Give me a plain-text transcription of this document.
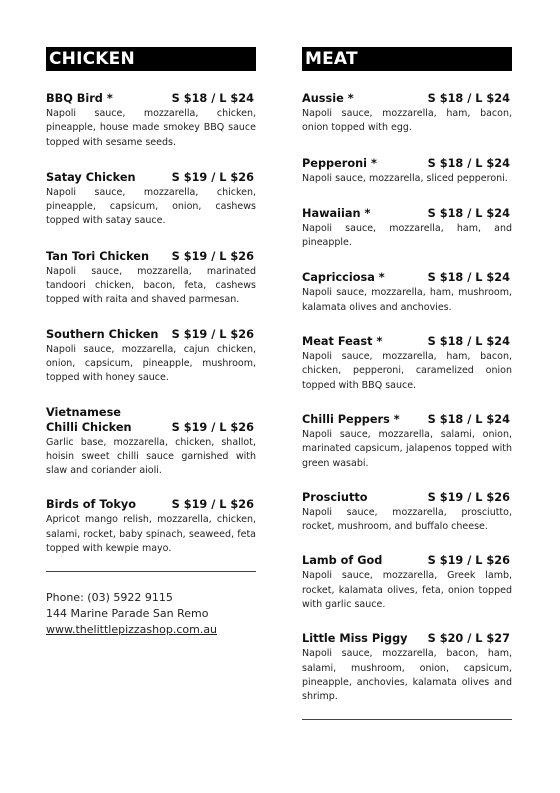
CHICKEN
BBQ Bird *	S $18 / L $24
Napoli sauce, mozzarella, chicken, pineapple, house made smokey BBQ sauce topped with sesame seeds.
Satay Chicken	S $19 / L $26
Napoli sauce, mozzarella, chicken, pineapple, capsicum, onion, cashews topped with satay sauce.
Tan Tori Chicken S $19 / L $26
Napoli sauce, mozzarella, marinated tandoori chicken, bacon, feta, cashews topped with raita and shaved parmesan.
Southern Chicken S $19 / L $26
Napoli sauce, mozzarella, cajun chicken, onion, capsicum, pineapple, mushroom, topped with honey sauce.
Vietnamese
Chilli Chicken	S $19 / L $26
Garlic base, mozzarella, chicken, shallot, hoisin sweet chilli sauce garnished with slaw and coriander aioli.
Birds of Tokyo	S $19 / L $26
Apricot mango relish, mozzarella, chicken, salami, rocket, baby spinach, seaweed, feta topped with kewpie mayo.
Phone: (03) 5922 9115
144 Marine Parade San Remo
www.thelittlepizzashop.com.au
MEAT
Aussie *	S $18 / L $24
Napoli sauce, mozzarella, ham, bacon, onion topped with egg.
Pepperoni *	S $18 / L $24
Napoli sauce, mozzarella, sliced pepperoni.
Hawaiian *	S $18 / L $24
Napoli sauce, mozzarella, ham, and pineapple.
Capricciosa *	S $18 / L $24
Napoli sauce, mozzarella, ham, mushroom, kalamata olives and anchovies.
Meat Feast *	S $18 / L $24
Napoli sauce, mozzarella, ham, bacon, chicken, pepperoni, caramelized onion topped with BBQ sauce.
Chilli Peppers * S $18 / L $24
Napoli sauce, mozzarella, salami, onion, marinated capsicum, jalapenos topped with green wasabi.
Prosciutto	S $19 / L $26
Napoli sauce, mozzarella, prosciutto, rocket, mushroom, and buffalo cheese.
Lamb of God	S $19 / L $26
Napoli sauce, mozzarella, Greek lamb, rocket, kalamata olives, feta, onion topped with garlic sauce.
Little Miss Piggy S $20 / L $27
Napoli sauce, mozzarella, bacon, ham, salami, mushroom, onion, capsicum, pineapple, anchovies, kalamata olives and shrimp.
